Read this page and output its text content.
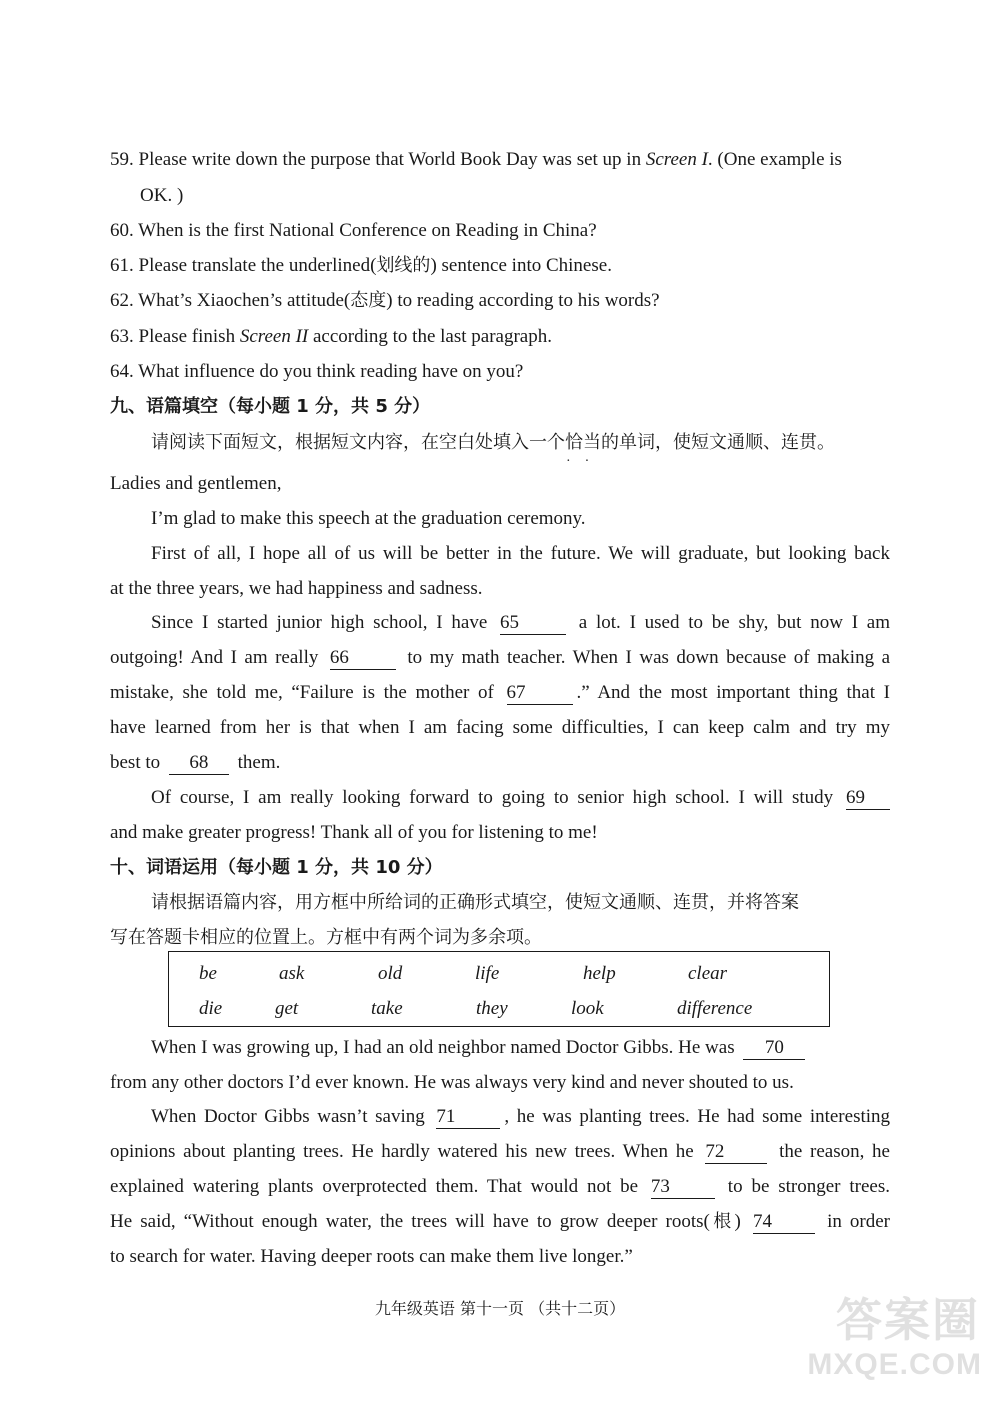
59. Please write down the purpose that World Book Day was set up in Screen I. (One example is
OK. )
60. When is the first National Conference on Reading in China?
61. Please translate the underlined(划线的) sentence into Chinese.
62. What’s Xiaochen’s attitude(态度) to reading according to his words?
63. Please finish Screen II according to the last paragraph.
64. What influence do you think reading have on you?
九、语篇填空（每小题 1 分，共 5 分）
请阅读下面短文，根据短文内容，在空白处填入一个恰当的单词，使短文通顺、连贯。
··
Ladies and gentlemen,
I’m glad to make this speech at the graduation ceremony.
First of all, I hope all of us will be better in the future. We will graduate, but looking back
at the three years, we had happiness and sadness.
Since I started junior high school, I have 65	a lot. I used to be shy, but now I am
outgoing! And I am really 66	to my math teacher. When I was down because of making a
mistake, she told me, “Failure is the mother of 67	.” And the most important thing that I
have learned from her is that when I am facing some difficulties, I can keep calm and try my
best to 68 them.
Of course, I am really looking forward to going to senior high school. I will study 69
and make greater progress! Thank all of you for listening to me!
十、词语运用（每小题 1 分，共 10 分）
请根据语篇内容，用方框中所给词的正确形式填空，使短文通顺、连贯，并将答案
写在答题卡相应的位置上。方框中有两个词为多余项。
be	ask	old	life	help	clear
die	get	take	they	look	difference
When I was growing up, I had an old neighbor named Doctor Gibbs. He was 70
from any other doctors I’d ever known. He was always very kind and never shouted to us.
When Doctor Gibbs wasn’t saving 71	, he was planting trees. He had some interesting
opinions about planting trees. He hardly watered his new trees. When he 72	the reason, he
explained watering plants overprotected them. That would not be 73	to be stronger trees.
He said, “Without enough water, the trees will have to grow deeper roots(根) 74	in order
to search for water. Having deeper roots can make them live longer.”
九年级英语 第十一页 （共十二页）	答案圈
MXQE.COM
